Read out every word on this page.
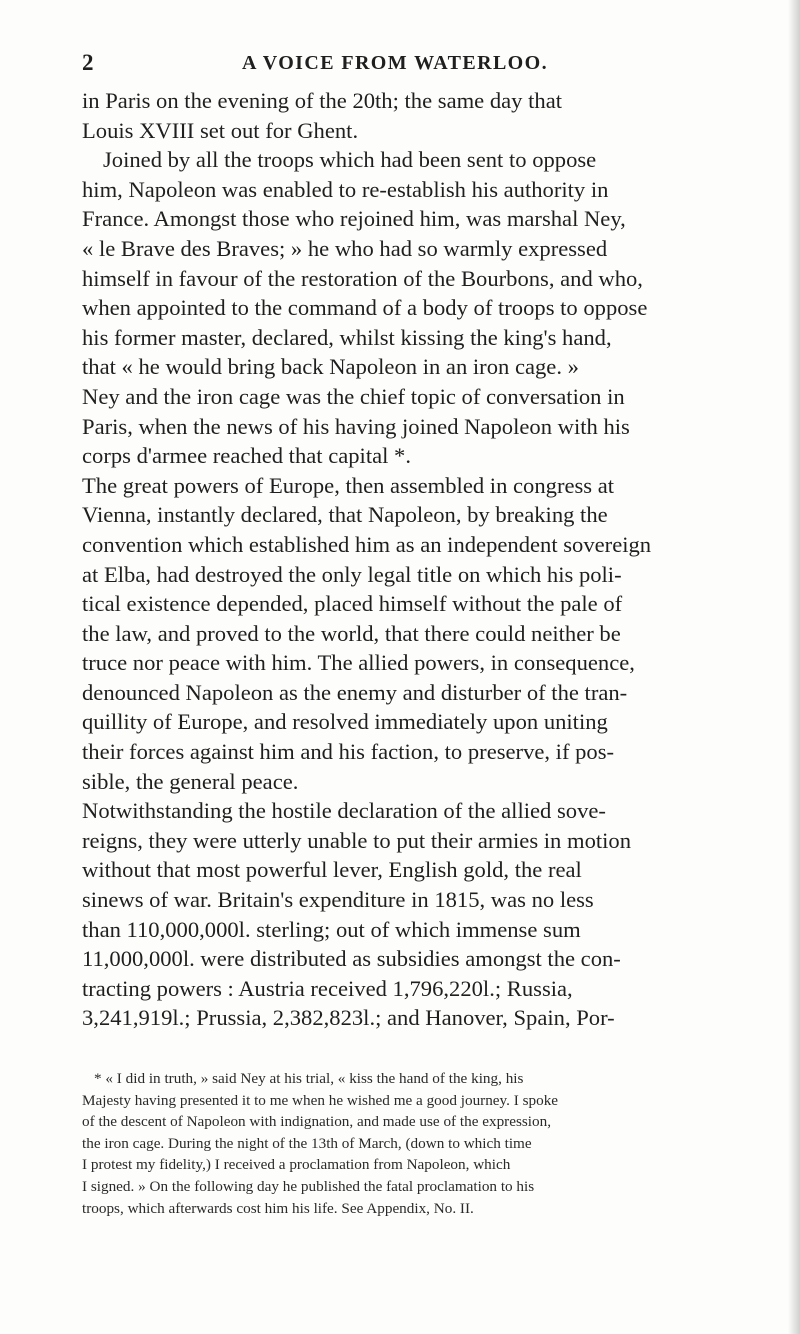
2	A VOICE FROM WATERLOO.
in Paris on the evening of the 20th; the same day that
Louis XVIII set out for Ghent.
Joined by all the troops which had been sent to oppose
him, Napoleon was enabled to re-establish his authority in
France. Amongst those who rejoined him, was marshal Ney,
« le Brave des Braves; » he who had so warmly expressed
himself in favour of the restoration of the Bourbons, and who,
when appointed to the command of a body of troops to oppose
his former master, declared, whilst kissing the king's hand,
that « he would bring back Napoleon in an iron cage. »
Ney and the iron cage was the chief topic of conversation in
Paris, when the news of his having joined Napoleon with his
corps d'armee reached that capital *.
The great powers of Europe, then assembled in congress at
Vienna, instantly declared, that Napoleon, by breaking the
convention which established him as an independent sovereign
at Elba, had destroyed the only legal title on which his poli-
tical existence depended, placed himself without the pale of
the law, and proved to the world, that there could neither be
truce nor peace with him. The allied powers, in consequence,
denounced Napoleon as the enemy and disturber of the tran-
quillity of Europe, and resolved immediately upon uniting
their forces against him and his faction, to preserve, if pos-
sible, the general peace.
Notwithstanding the hostile declaration of the allied sove-
reigns, they were utterly unable to put their armies in motion
without that most powerful lever, English gold, the real
sinews of war. Britain's expenditure in 1815, was no less
than 110,000,000l. sterling; out of which immense sum
11,000,000l. were distributed as subsidies amongst the con-
tracting powers : Austria received 1,796,220l.; Russia,
3,241,919l.; Prussia, 2,382,823l.; and Hanover, Spain, Por-
* « I did in truth, » said Ney at his trial, « kiss the hand of the king, his
Majesty having presented it to me when he wished me a good journey. I spoke
of the descent of Napoleon with indignation, and made use of the expression,
the iron cage. During the night of the 13th of March, (down to which time
I protest my fidelity,) I received a proclamation from Napoleon, which
I signed. » On the following day he published the fatal proclamation to his
troops, which afterwards cost him his life. See Appendix, No. II.
